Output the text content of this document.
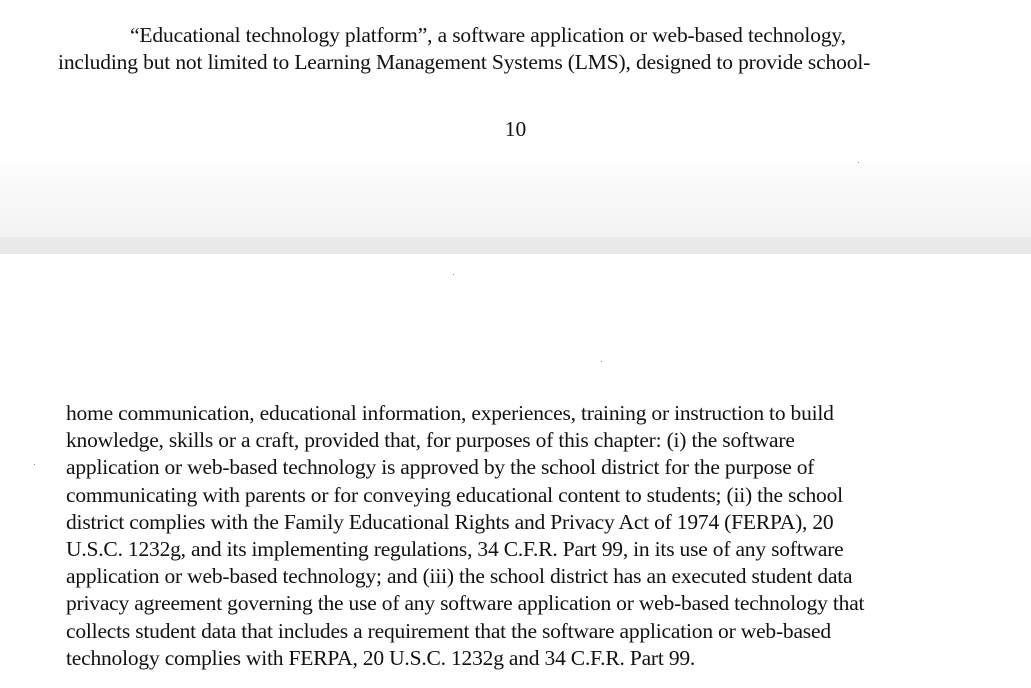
“Educational technology platform”, a software application or web-based technology,
including but not limited to Learning Management Systems (LMS), designed to provide school-
10
home communication, educational information, experiences, training or instruction to build
knowledge, skills or a craft, provided that, for purposes of this chapter: (i) the software
application or web-based technology is approved by the school district for the purpose of
communicating with parents or for conveying educational content to students; (ii) the school
district complies with the Family Educational Rights and Privacy Act of 1974 (FERPA), 20
U.S.C. 1232g, and its implementing regulations, 34 C.F.R. Part 99, in its use of any software
application or web-based technology; and (iii) the school district has an executed student data
privacy agreement governing the use of any software application or web-based technology that
collects student data that includes a requirement that the software application or web-based
technology complies with FERPA, 20 U.S.C. 1232g and 34 C.F.R. Part 99.
